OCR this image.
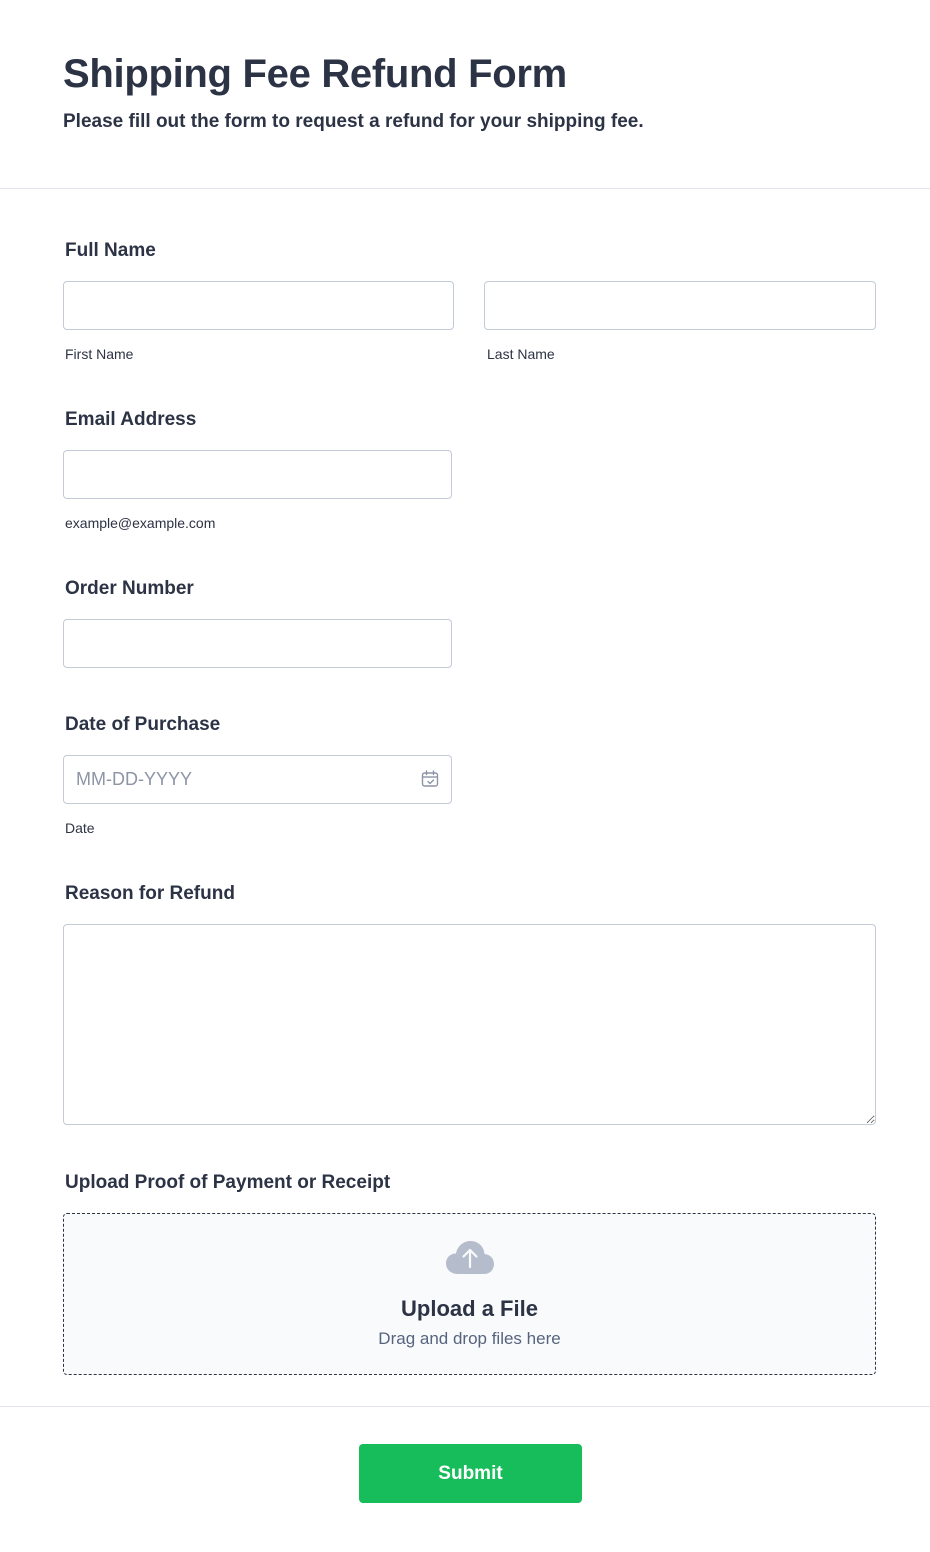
Shipping Fee Refund Form

Please fill out the form to request a refund for your shipping fee.

Full Name
First Name	Last Name
Email Address
example@example.com
Order Number
Date of Purchase
MM-DD-YYYY
Date
Reason for Refund
Upload Proof of Payment or Receipt
Upload a File
Drag and drop files here
Submit
